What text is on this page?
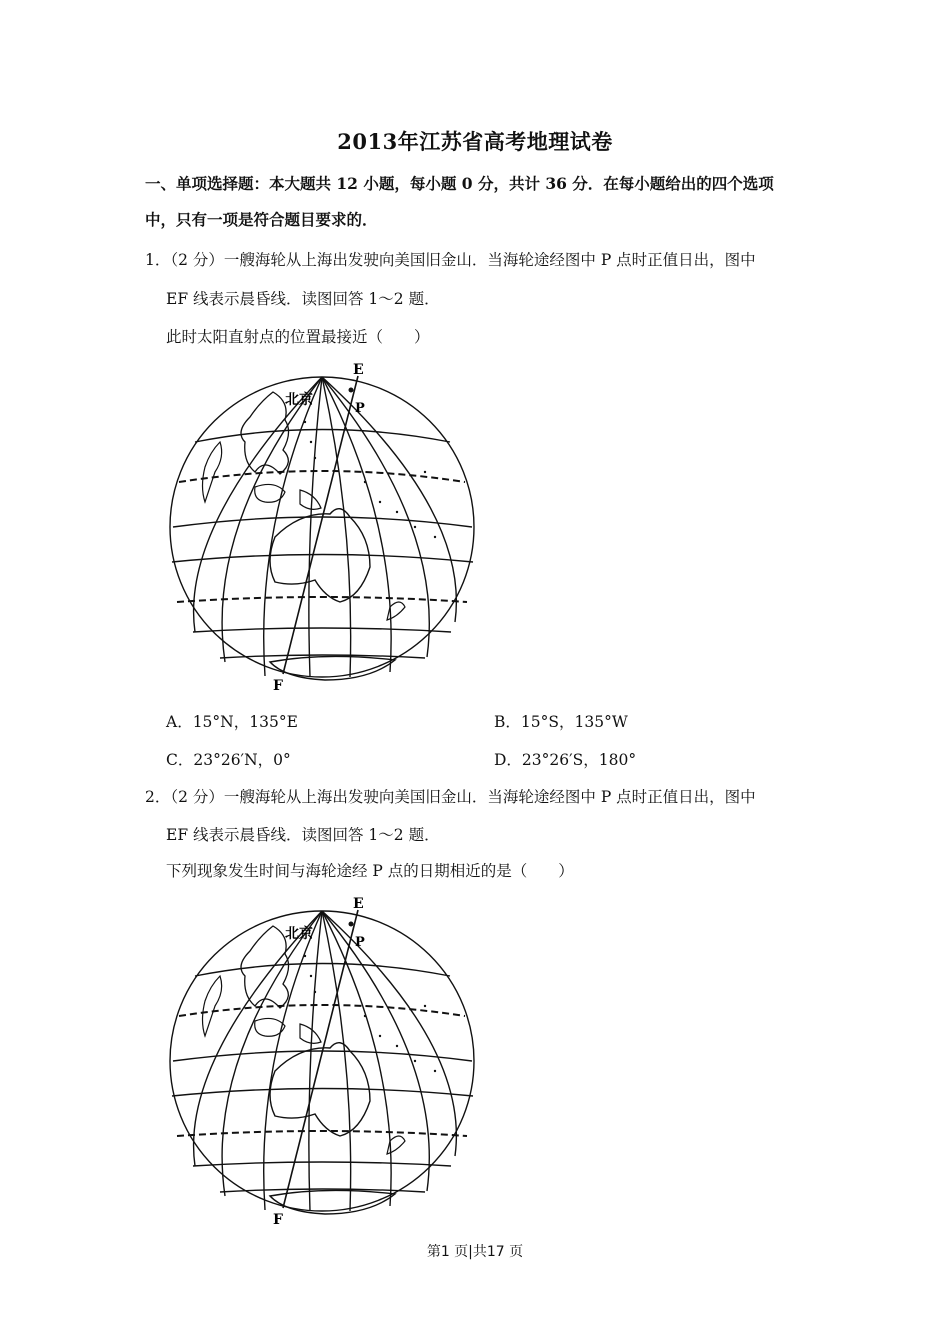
2013年江苏省高考地理试卷
一、单项选择题：本大题共 12 小题，每小题 0 分，共计 36 分．在每小题给出的四个选项
中，只有一项是符合题目要求的．
1．（2 分）一艘海轮从上海出发驶向美国旧金山．当海轮途经图中 P 点时正值日出，图中
EF 线表示晨昏线．读图回答 1～2 题．
此时太阳直射点的位置最接近（　　）
E
P
北京
F
A．15°N，135°E	B．15°S，135°W
C．23°26′N，0°	D．23°26′S，180°
2．（2 分）一艘海轮从上海出发驶向美国旧金山．当海轮途经图中 P 点时正值日出，图中
EF 线表示晨昏线．读图回答 1～2 题．
下列现象发生时间与海轮途经 P 点的日期相近的是（　　）
E
P
北京
F
第1 页|共17 页
